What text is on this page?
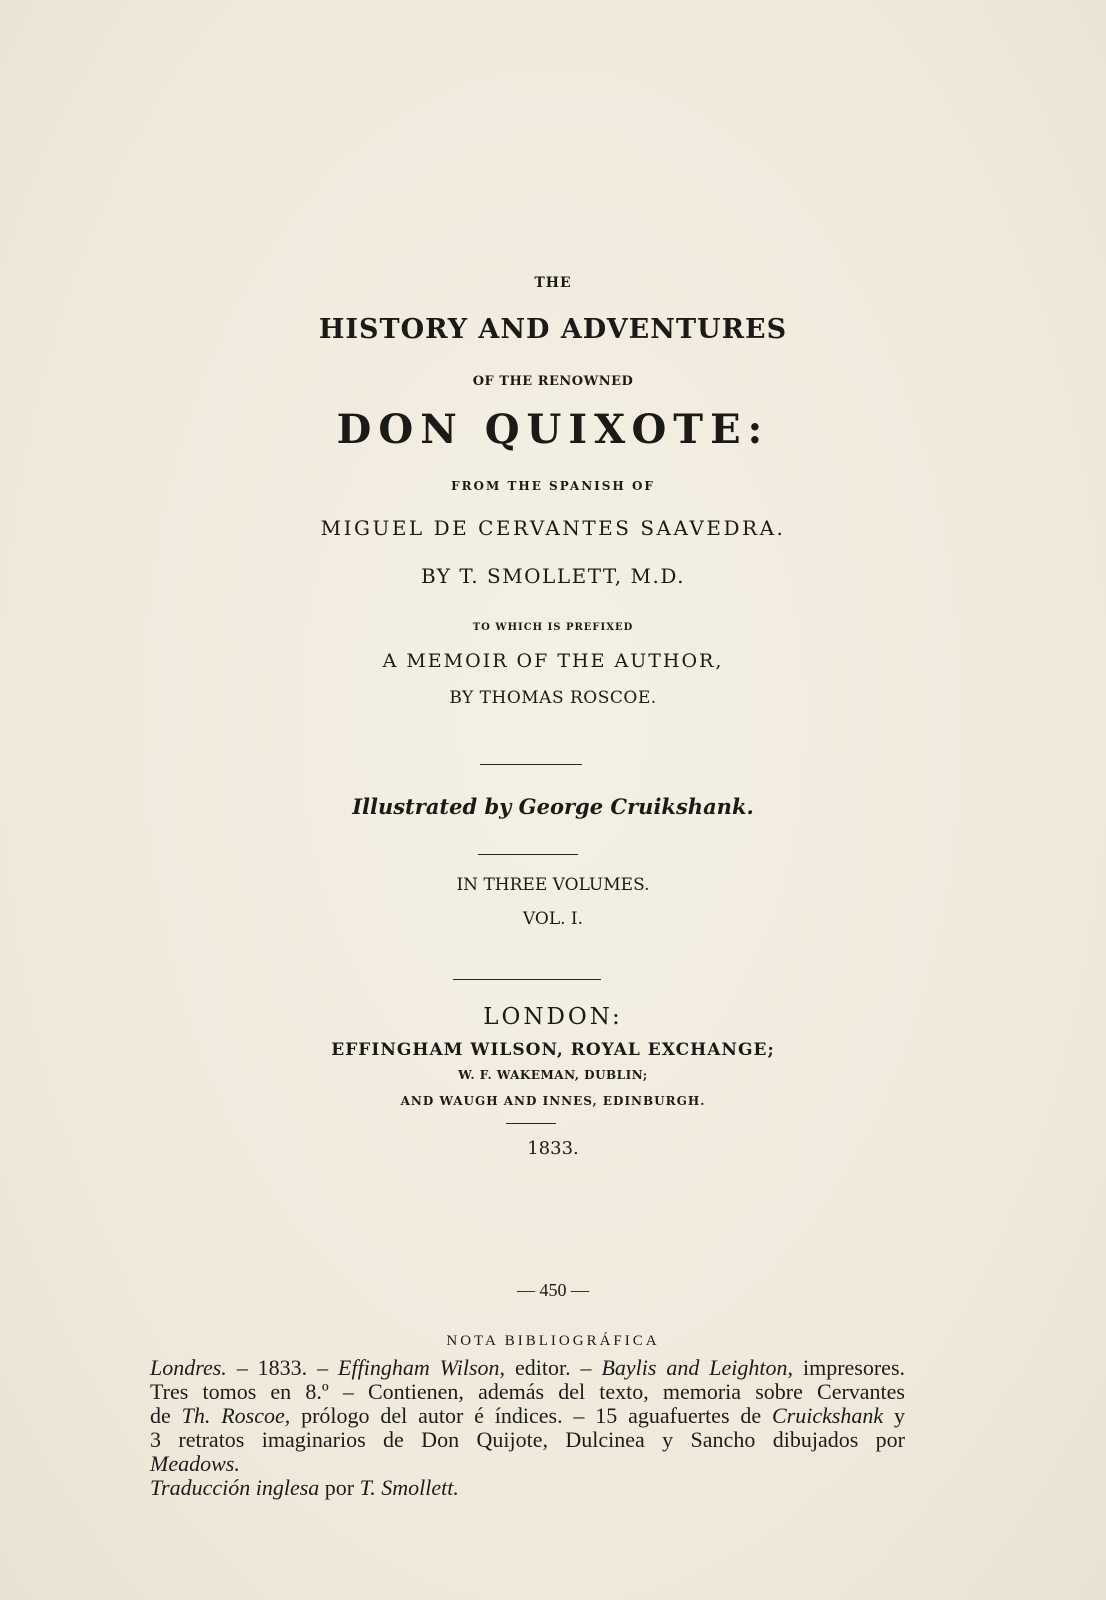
THE
HISTORY AND ADVENTURES
OF THE RENOWNED
DON QUIXOTE:
FROM THE SPANISH OF
MIGUEL DE CERVANTES SAAVEDRA.
BY T. SMOLLETT, M.D.
TO WHICH IS PREFIXED
A MEMOIR OF THE AUTHOR,
BY THOMAS ROSCOE.
Illustrated by George Cruikshank.
IN THREE VOLUMES.
VOL. I.
LONDON:
EFFINGHAM WILSON, ROYAL EXCHANGE;
W. F. WAKEMAN, DUBLIN;
AND WAUGH AND INNES, EDINBURGH.
1833.
— 450 —
NOTA BIBLIOGRÁFICA
Londres. – 1833. – Effingham Wilson, editor. – Baylis and Leighton, impresores.
Tres tomos en 8.º – Contienen, además del texto, memoria sobre Cervantes
de Th. Roscoe, prólogo del autor é índices. – 15 aguafuertes de Cruickshank y
3 retratos imaginarios de Don Quijote, Dulcinea y Sancho dibujados por
Meadows.
Traducción inglesa por T. Smollett.
